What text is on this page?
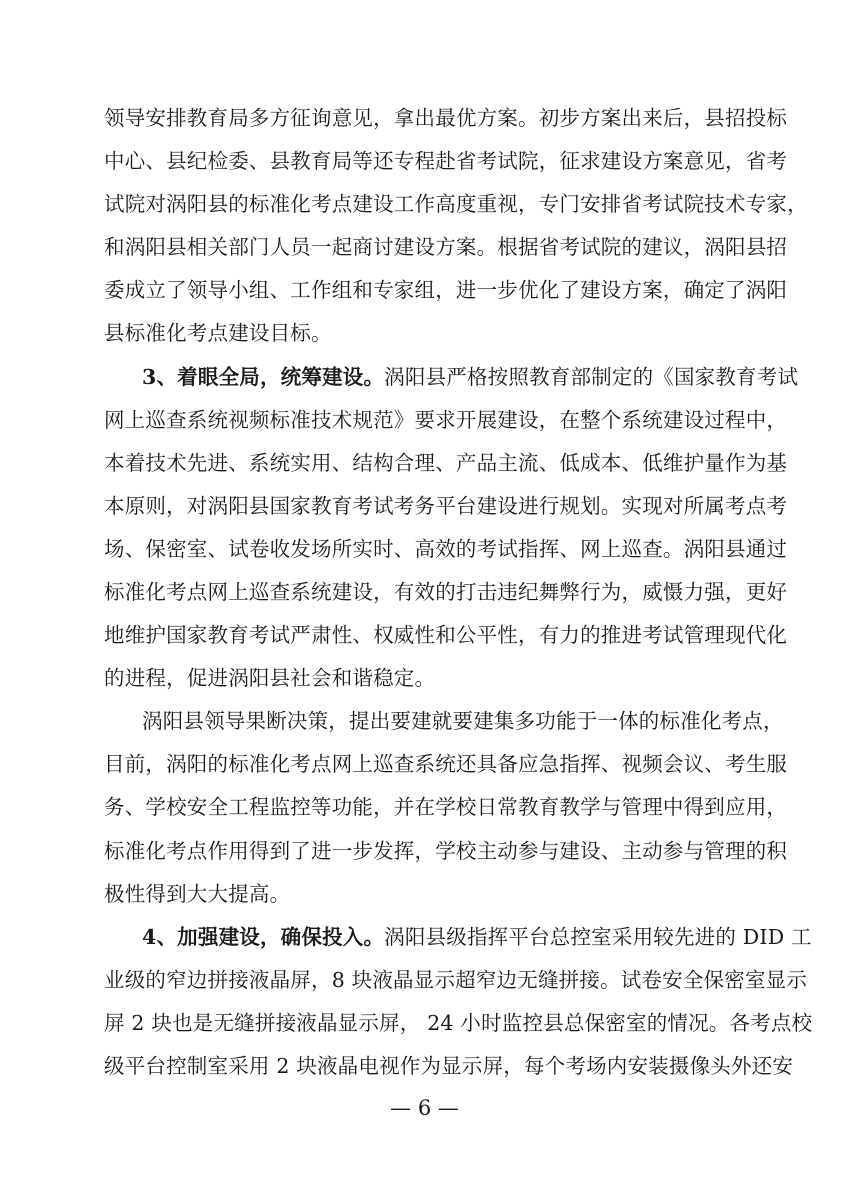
领导安排教育局多方征询意见，拿出最优方案。初步方案出来后，县招投标
中心、县纪检委、县教育局等还专程赴省考试院，征求建设方案意见，省考
试院对涡阳县的标准化考点建设工作高度重视，专门安排省考试院技术专家，
和涡阳县相关部门人员一起商讨建设方案。根据省考试院的建议，涡阳县招
委成立了领导小组、工作组和专家组，进一步优化了建设方案，确定了涡阳
县标准化考点建设目标。
3、着眼全局，统筹建设。涡阳县严格按照教育部制定的《国家教育考试
网上巡查系统视频标准技术规范》要求开展建设，在整个系统建设过程中，
本着技术先进、系统实用、结构合理、产品主流、低成本、低维护量作为基
本原则，对涡阳县国家教育考试考务平台建设进行规划。实现对所属考点考
场、保密室、试卷收发场所实时、高效的考试指挥、网上巡查。涡阳县通过
标准化考点网上巡查系统建设，有效的打击违纪舞弊行为，威慑力强，更好
地维护国家教育考试严肃性、权威性和公平性，有力的推进考试管理现代化
的进程，促进涡阳县社会和谐稳定。
涡阳县领导果断决策，提出要建就要建集多功能于一体的标准化考点，
目前，涡阳的标准化考点网上巡查系统还具备应急指挥、视频会议、考生服
务、学校安全工程监控等功能，并在学校日常教育教学与管理中得到应用，
标准化考点作用得到了进一步发挥，学校主动参与建设、主动参与管理的积
极性得到大大提高。
4、加强建设，确保投入。涡阳县级指挥平台总控室采用较先进的 DID 工
业级的窄边拼接液晶屏，8 块液晶显示超窄边无缝拼接。试卷安全保密室显示
屏 2 块也是无缝拼接液晶显示屏， 24 小时监控县总保密室的情况。各考点校
级平台控制室采用 2 块液晶电视作为显示屏，每个考场内安装摄像头外还安
— 6 —
